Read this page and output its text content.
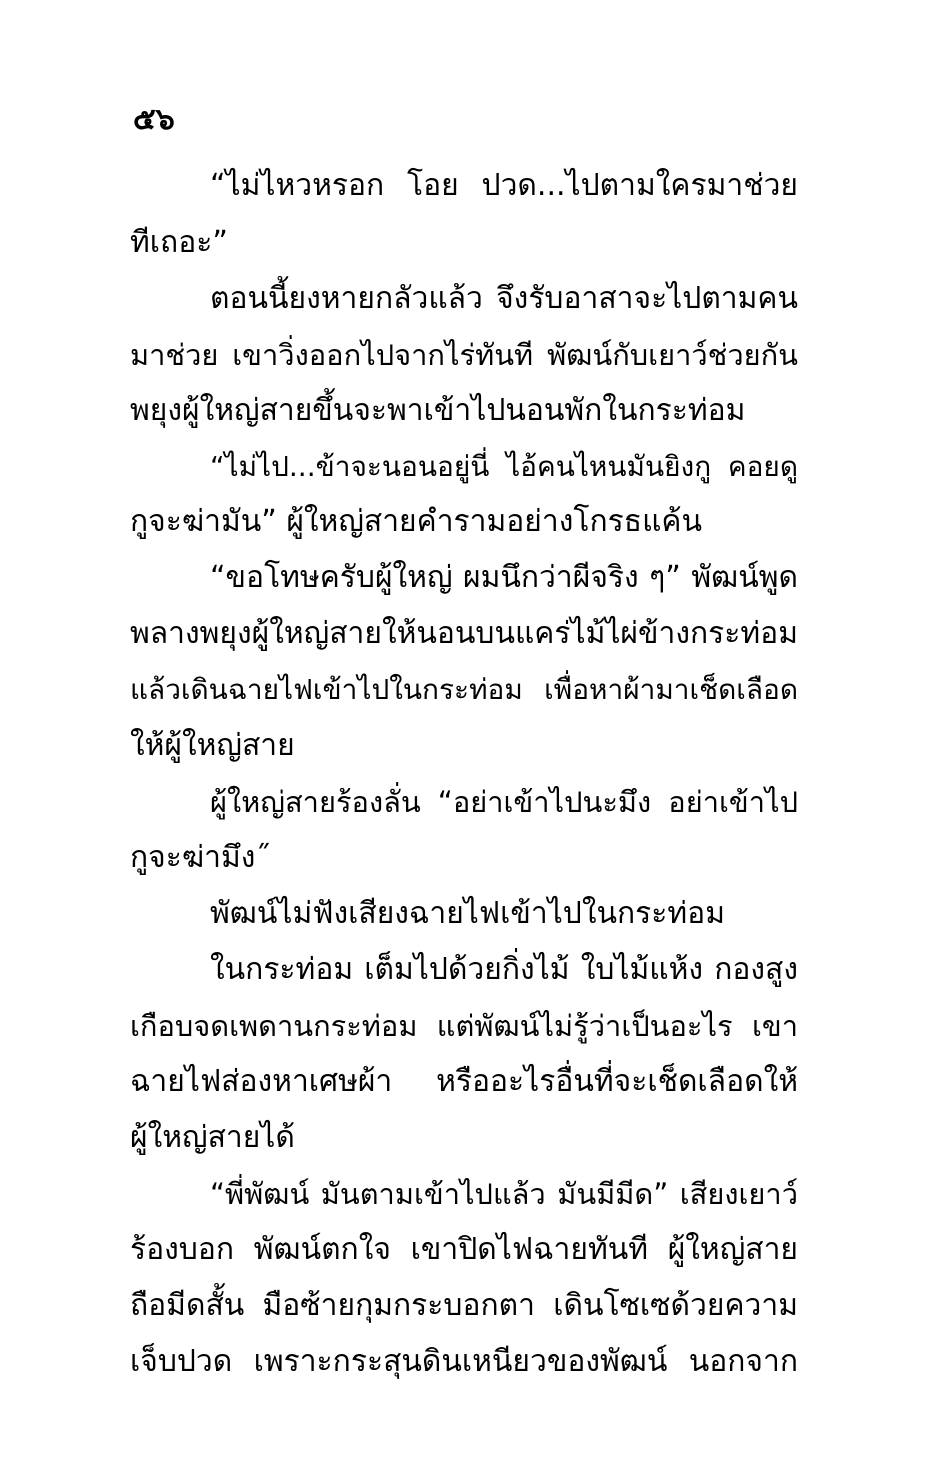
๕๖
“ไม่ไหวหรอก โอย ปวด...ไปตามใครมาช่วย
ทีเถอะ”
ตอนนี้ยงหายกลัวแล้ว จึงรับอาสาจะไปตามคน
มาช่วย เขาวิ่งออกไปจากไร่ทันที พัฒน์กับเยาว์ช่วยกัน
พยุงผู้ใหญ่สายขึ้นจะพาเข้าไปนอนพักในกระท่อม
“ไม่ไป...ข้าจะนอนอยู่นี่ ไอ้คนไหนมันยิงกู คอยดู
กูจะฆ่ามัน” ผู้ใหญ่สายคำรามอย่างโกรธแค้น
“ขอโทษครับผู้ใหญ่ ผมนึกว่าผีจริง ๆ” พัฒน์พูด
พลางพยุงผู้ใหญ่สายให้นอนบนแคร่ไม้ไผ่ข้างกระท่อม
แล้วเดินฉายไฟเข้าไปในกระท่อม เพื่อหาผ้ามาเช็ดเลือด
ให้ผู้ใหญ่สาย
ผู้ใหญ่สายร้องลั่น “อย่าเข้าไปนะมึง อย่าเข้าไป
กูจะฆ่ามึง˝
พัฒน์ไม่ฟังเสียงฉายไฟเข้าไปในกระท่อม
ในกระท่อม เต็มไปด้วยกิ่งไม้ ใบไม้แห้ง กองสูง
เกือบจดเพดานกระท่อม แต่พัฒน์ไม่รู้ว่าเป็นอะไร เขา
ฉายไฟส่องหาเศษผ้า หรืออะไรอื่นที่จะเช็ดเลือดให้
ผู้ใหญ่สายได้
“พี่พัฒน์ มันตามเข้าไปแล้ว มันมีมีด” เสียงเยาว์
ร้องบอก พัฒน์ตกใจ เขาปิดไฟฉายทันที ผู้ใหญ่สาย
ถือมีดสั้น มือซ้ายกุมกระบอกตา เดินโซเซด้วยความ
เจ็บปวด เพราะกระสุนดินเหนียวของพัฒน์ นอกจาก
